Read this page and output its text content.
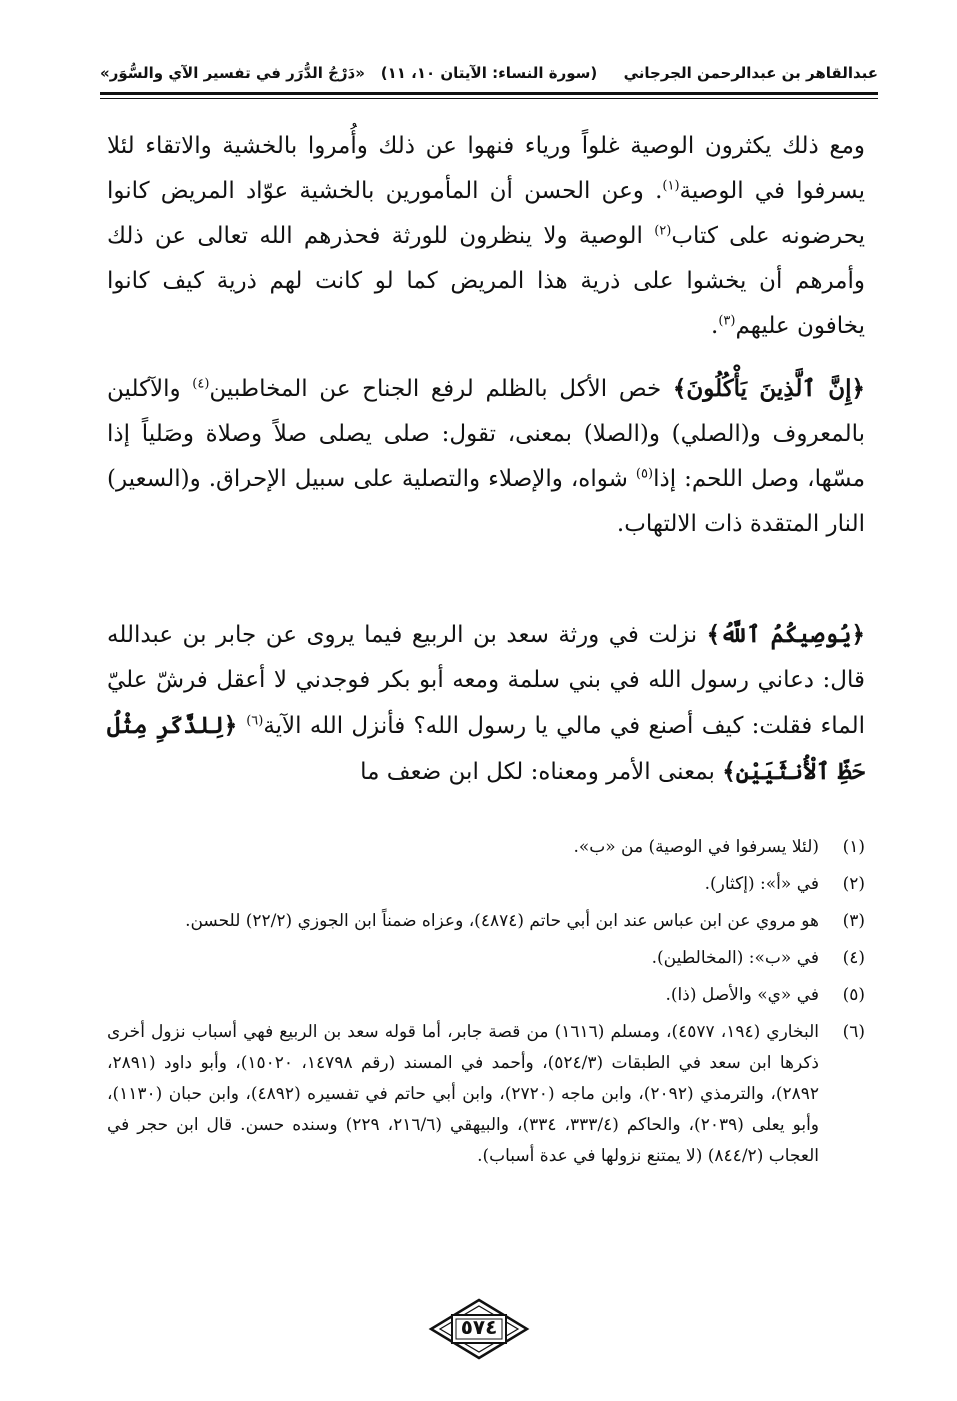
عبدالقاهر بن عبدالرحمن الجرجاني
(سورة النساء: الآيتان ١٠، ١١)
«دَرْجُ الدُّرَر في تفسير الآي والسُّوَر»

ومع ذلك يكثرون الوصية غلواً ورياء فنهوا عن ذلك وأُمروا بالخشية والاتقاء لئلا يسرفوا في الوصية$^{(١)}$. وعن الحسن أن المأمورين بالخشية عوّاد المريض كانوا يحرضونه على كتاب$^{(٢)}$ الوصية ولا ينظرون للورثة فحذرهم الله تعالى عن ذلك وأمرهم أن يخشوا على ذرية هذا المريض كما لو كانت لهم ذرية كيف كانوا يخافون عليهم$^{(٣)}$.

﴿إِنَّ ٱلَّذِينَ يَأْكُلُونَ﴾ خص الأكل بالظلم لرفع الجناح عن المخاطبين$^{(٤)}$ والآكلين بالمعروف و(الصلي) و(الصلا) بمعنى، تقول: صلى يصلى صلاً وصلاة وصَلياً إذا مسّها، وصل اللحم: إذا$^{(٥)}$ شواه، والإصلاء والتصلية على سبيل الإحراق. و(السعير) النار المتقدة ذات الالتهاب.

﴿يُوصِيكُمُ ٱللَّهُ﴾ نزلت في ورثة سعد بن الربيع فيما يروى عن جابر بن عبدالله قال: دعاني رسول الله في بني سلمة ومعه أبو بكر فوجدني لا أعقل فرشّ عليّ الماء فقلت: كيف أصنع في مالي يا رسول الله؟ فأنزل الله الآية$^{(٦)}$ ﴿لِلذَّكَرِ مِثْلُ حَظِّ ٱلْأُنثَيَيْنِ﴾ بمعنى الأمر ومعناه: لكل ابن ضعف ما

(١)
(لئلا يسرفوا في الوصية) من «ب».
(٢)
في «أ»: (إكثار).
(٣)
هو مروي عن ابن عباس عند ابن أبي حاتم (٤٨٧٤)، وعزاه ضمناً ابن الجوزي (٢٢/٢) للحسن.
(٤)
في «ب»: (المخالطين).
(٥)
في «ي» والأصل (ذا).
(٦)
البخاري (١٩٤، ٤٥٧٧)، ومسلم (١٦١٦) من قصة جابر، أما قوله سعد بن الربيع فهي أسباب نزول أخرى ذكرها ابن سعد في الطبقات (٥٢٤/٣)، وأحمد في المسند (رقم ١٤٧٩٨، ١٥٠٢٠)، وأبو داود (٢٨٩١، ٢٨٩٢)، والترمذي (٢٠٩٢)، وابن ماجه (٢٧٢٠)، وابن أبي حاتم في تفسيره (٤٨٩٢)، وابن حبان (١١٣٠)، وأبو يعلى (٢٠٣٩)، والحاكم (٣٣٣/٤، ٣٣٤)، والبيهقي (٢١٦/٦، ٢٢٩) وسنده حسن. قال ابن حجر في العجاب (٨٤٤/٢) (لا يمتنع نزولها في عدة أسباب).
٥٧٤
